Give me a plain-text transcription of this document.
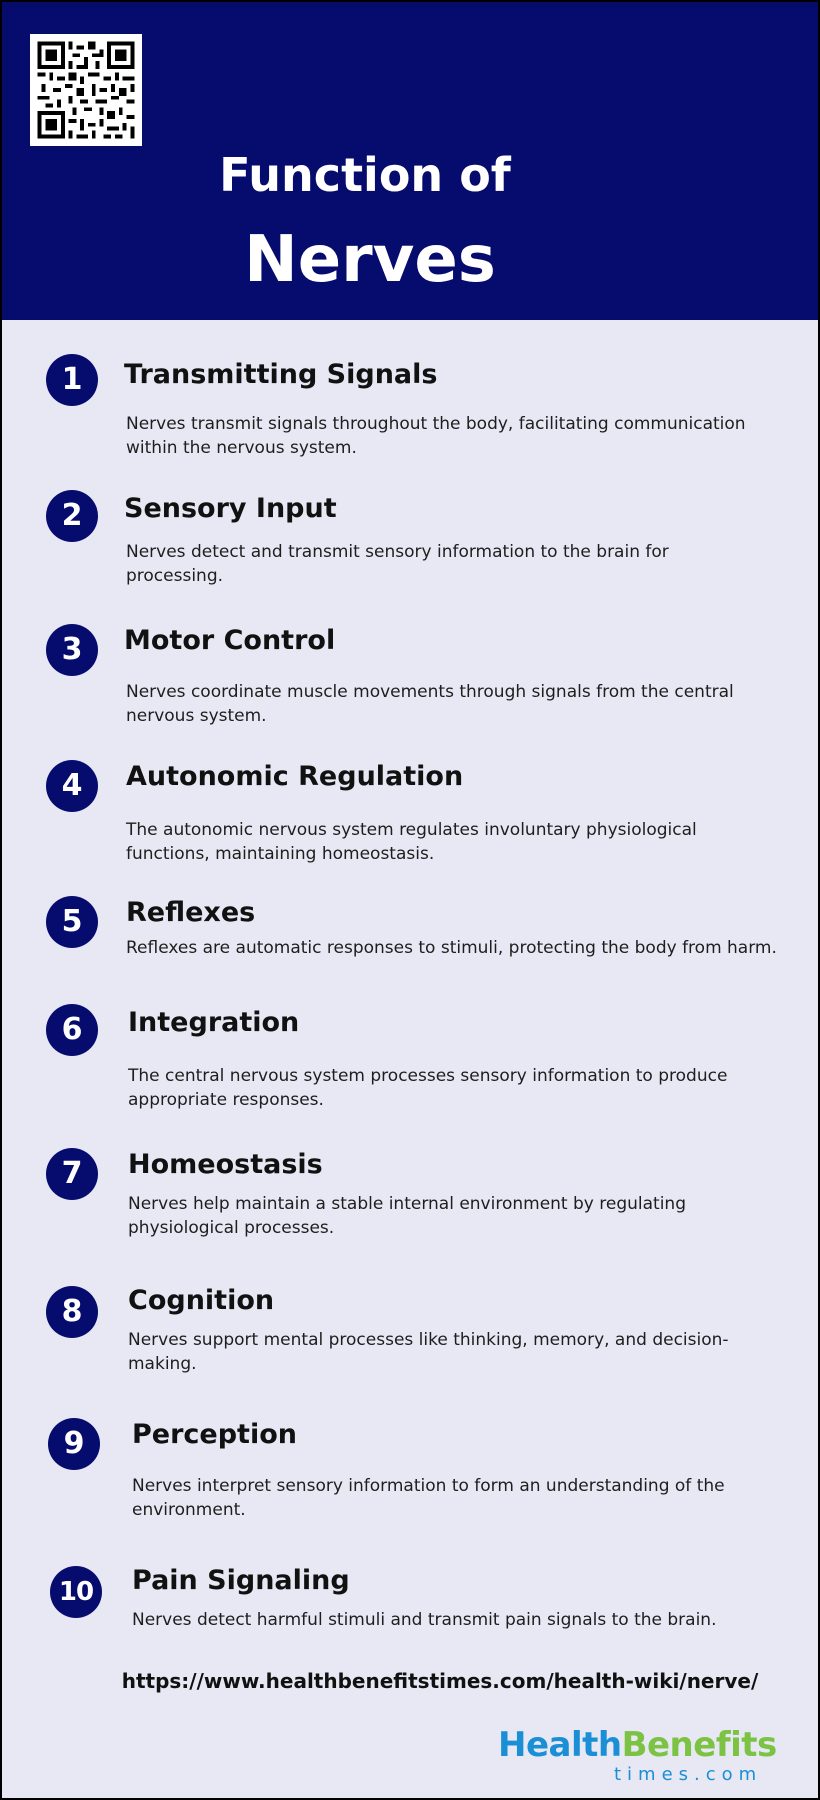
Function of
Nerves
1	Transmitting Signals
Nerves transmit signals throughout the body, facilitating communication within the nervous system.
2	Sensory Input
Nerves detect and transmit sensory information to the brain for processing.
3	Motor Control
Nerves coordinate muscle movements through signals from the central nervous system.
4	Autonomic Regulation
The autonomic nervous system regulates involuntary physiological functions, maintaining homeostasis.
5	Reflexes
Reflexes are automatic responses to stimuli, protecting the body from harm.
6	Integration
The central nervous system processes sensory information to produce appropriate responses.
7	Homeostasis
Nerves help maintain a stable internal environment by regulating physiological processes.
8	Cognition
Nerves support mental processes like thinking, memory, and decision-making.
9	Perception
Nerves interpret sensory information to form an understanding of the environment.
10	Pain Signaling
Nerves detect harmful stimuli and transmit pain signals to the brain.
https://www.healthbenefitstimes.com/health-wiki/nerve/
HealthBenefits
times.com
